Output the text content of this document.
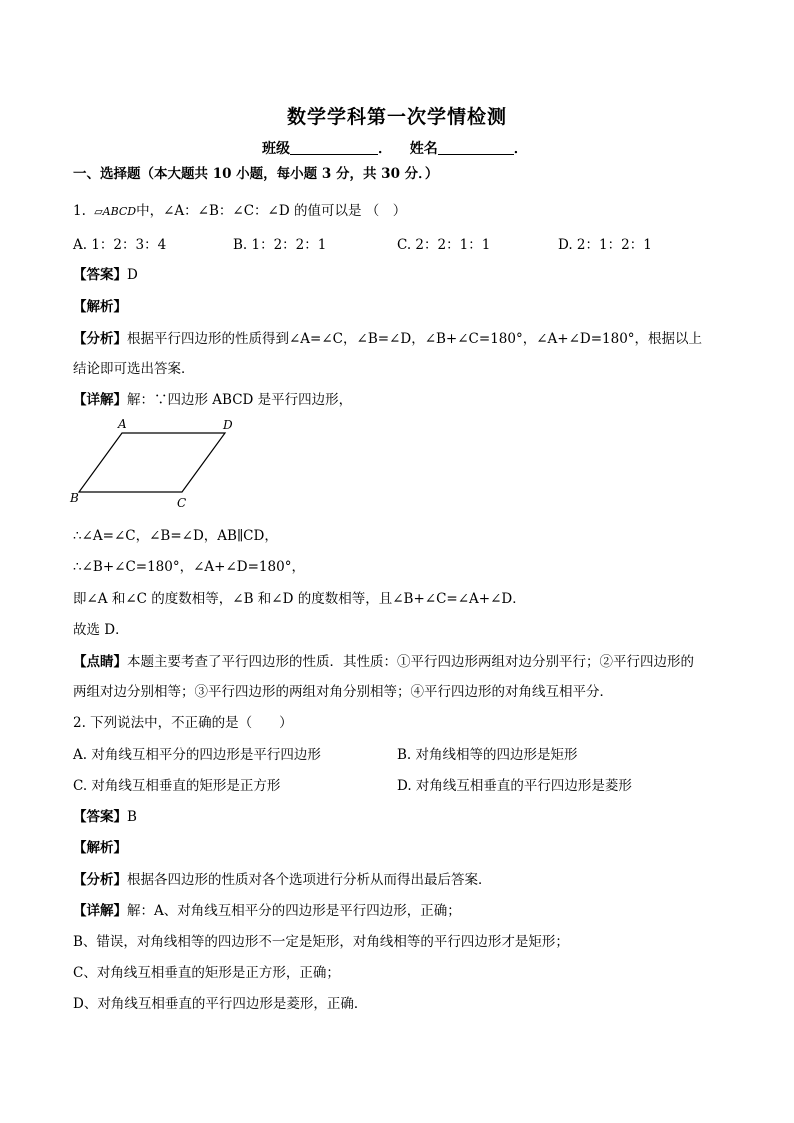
数学学科第一次学情检测
班级	． 姓名	．
一、选择题（本大题共 10 小题，每小题 3 分，共 30 分．）
1. ▱ABCD中，∠A：∠B：∠C：∠D 的值可以是 （　）
A. 1：2：3：4	B. 1：2：2：1	C. 2：2：1：1	D. 2：1：2：1
【答案】D
【解析】
【分析】根据平行四边形的性质得到∠A=∠C，∠B=∠D，∠B+∠C=180°，∠A+∠D=180°，根据以上
结论即可选出答案．
【详解】解：∵四边形 ABCD 是平行四边形，
A	D
B	C
∴∠A=∠C，∠B=∠D，AB∥CD，
∴∠B+∠C=180°，∠A+∠D=180°，
即∠A 和∠C 的度数相等，∠B 和∠D 的度数相等，且∠B+∠C=∠A+∠D．
故选 D．
【点睛】本题主要考查了平行四边形的性质．其性质：①平行四边形两组对边分别平行；②平行四边形的
两组对边分别相等；③平行四边形的两组对角分别相等；④平行四边形的对角线互相平分．
2. 下列说法中，不正确的是（　　）
A. 对角线互相平分的四边形是平行四边形	B. 对角线相等的四边形是矩形
C. 对角线互相垂直的矩形是正方形	D. 对角线互相垂直的平行四边形是菱形
【答案】B
【解析】
【分析】根据各四边形的性质对各个选项进行分析从而得出最后答案．
【详解】解：A、对角线互相平分的四边形是平行四边形，正确；
B、错误，对角线相等的四边形不一定是矩形，对角线相等的平行四边形才是矩形；
C、对角线互相垂直的矩形是正方形，正确；
D、对角线互相垂直的平行四边形是菱形，正确．
